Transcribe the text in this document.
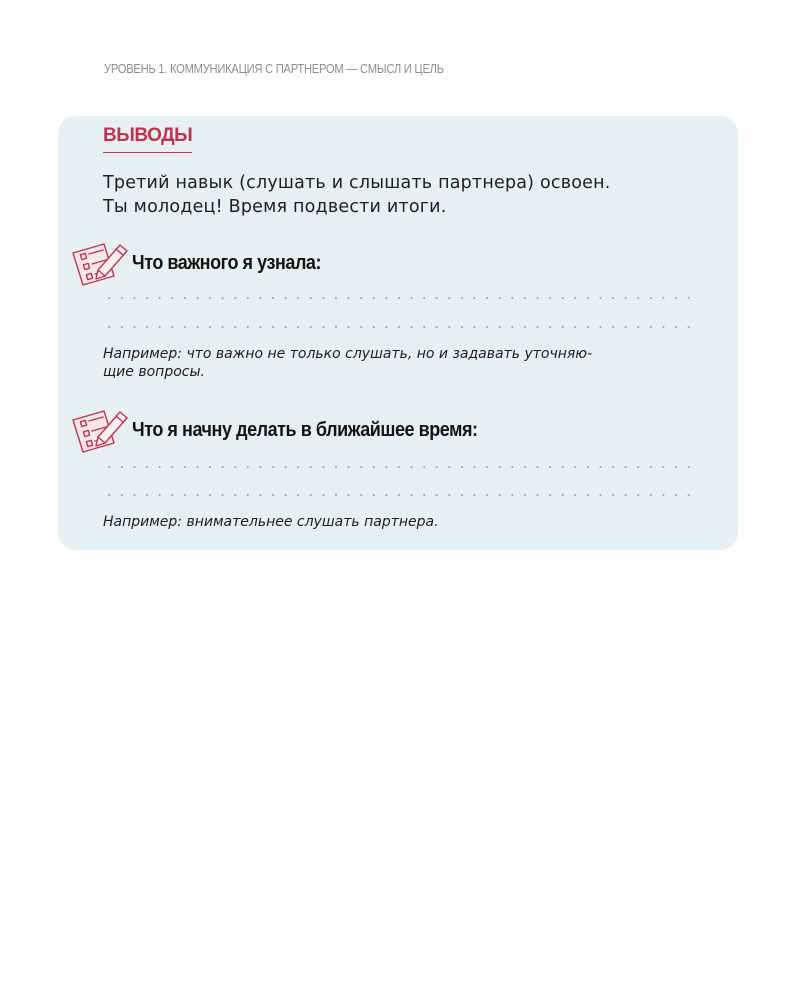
УРОВЕНЬ 1. КОММУНИКАЦИЯ С ПАРТНЕРОМ — СМЫСЛ И ЦЕЛЬ
ВЫВОДЫ

Третий навык (слушать и слышать партнера) освоен.
Ты молодец! Время подвести итоги.

Что важного я узнала:

Например: что важно не только слушать, но и задавать уточняю-
щие вопросы.

Что я начну делать в ближайшее время:

Например: внимательнее слушать партнера.
